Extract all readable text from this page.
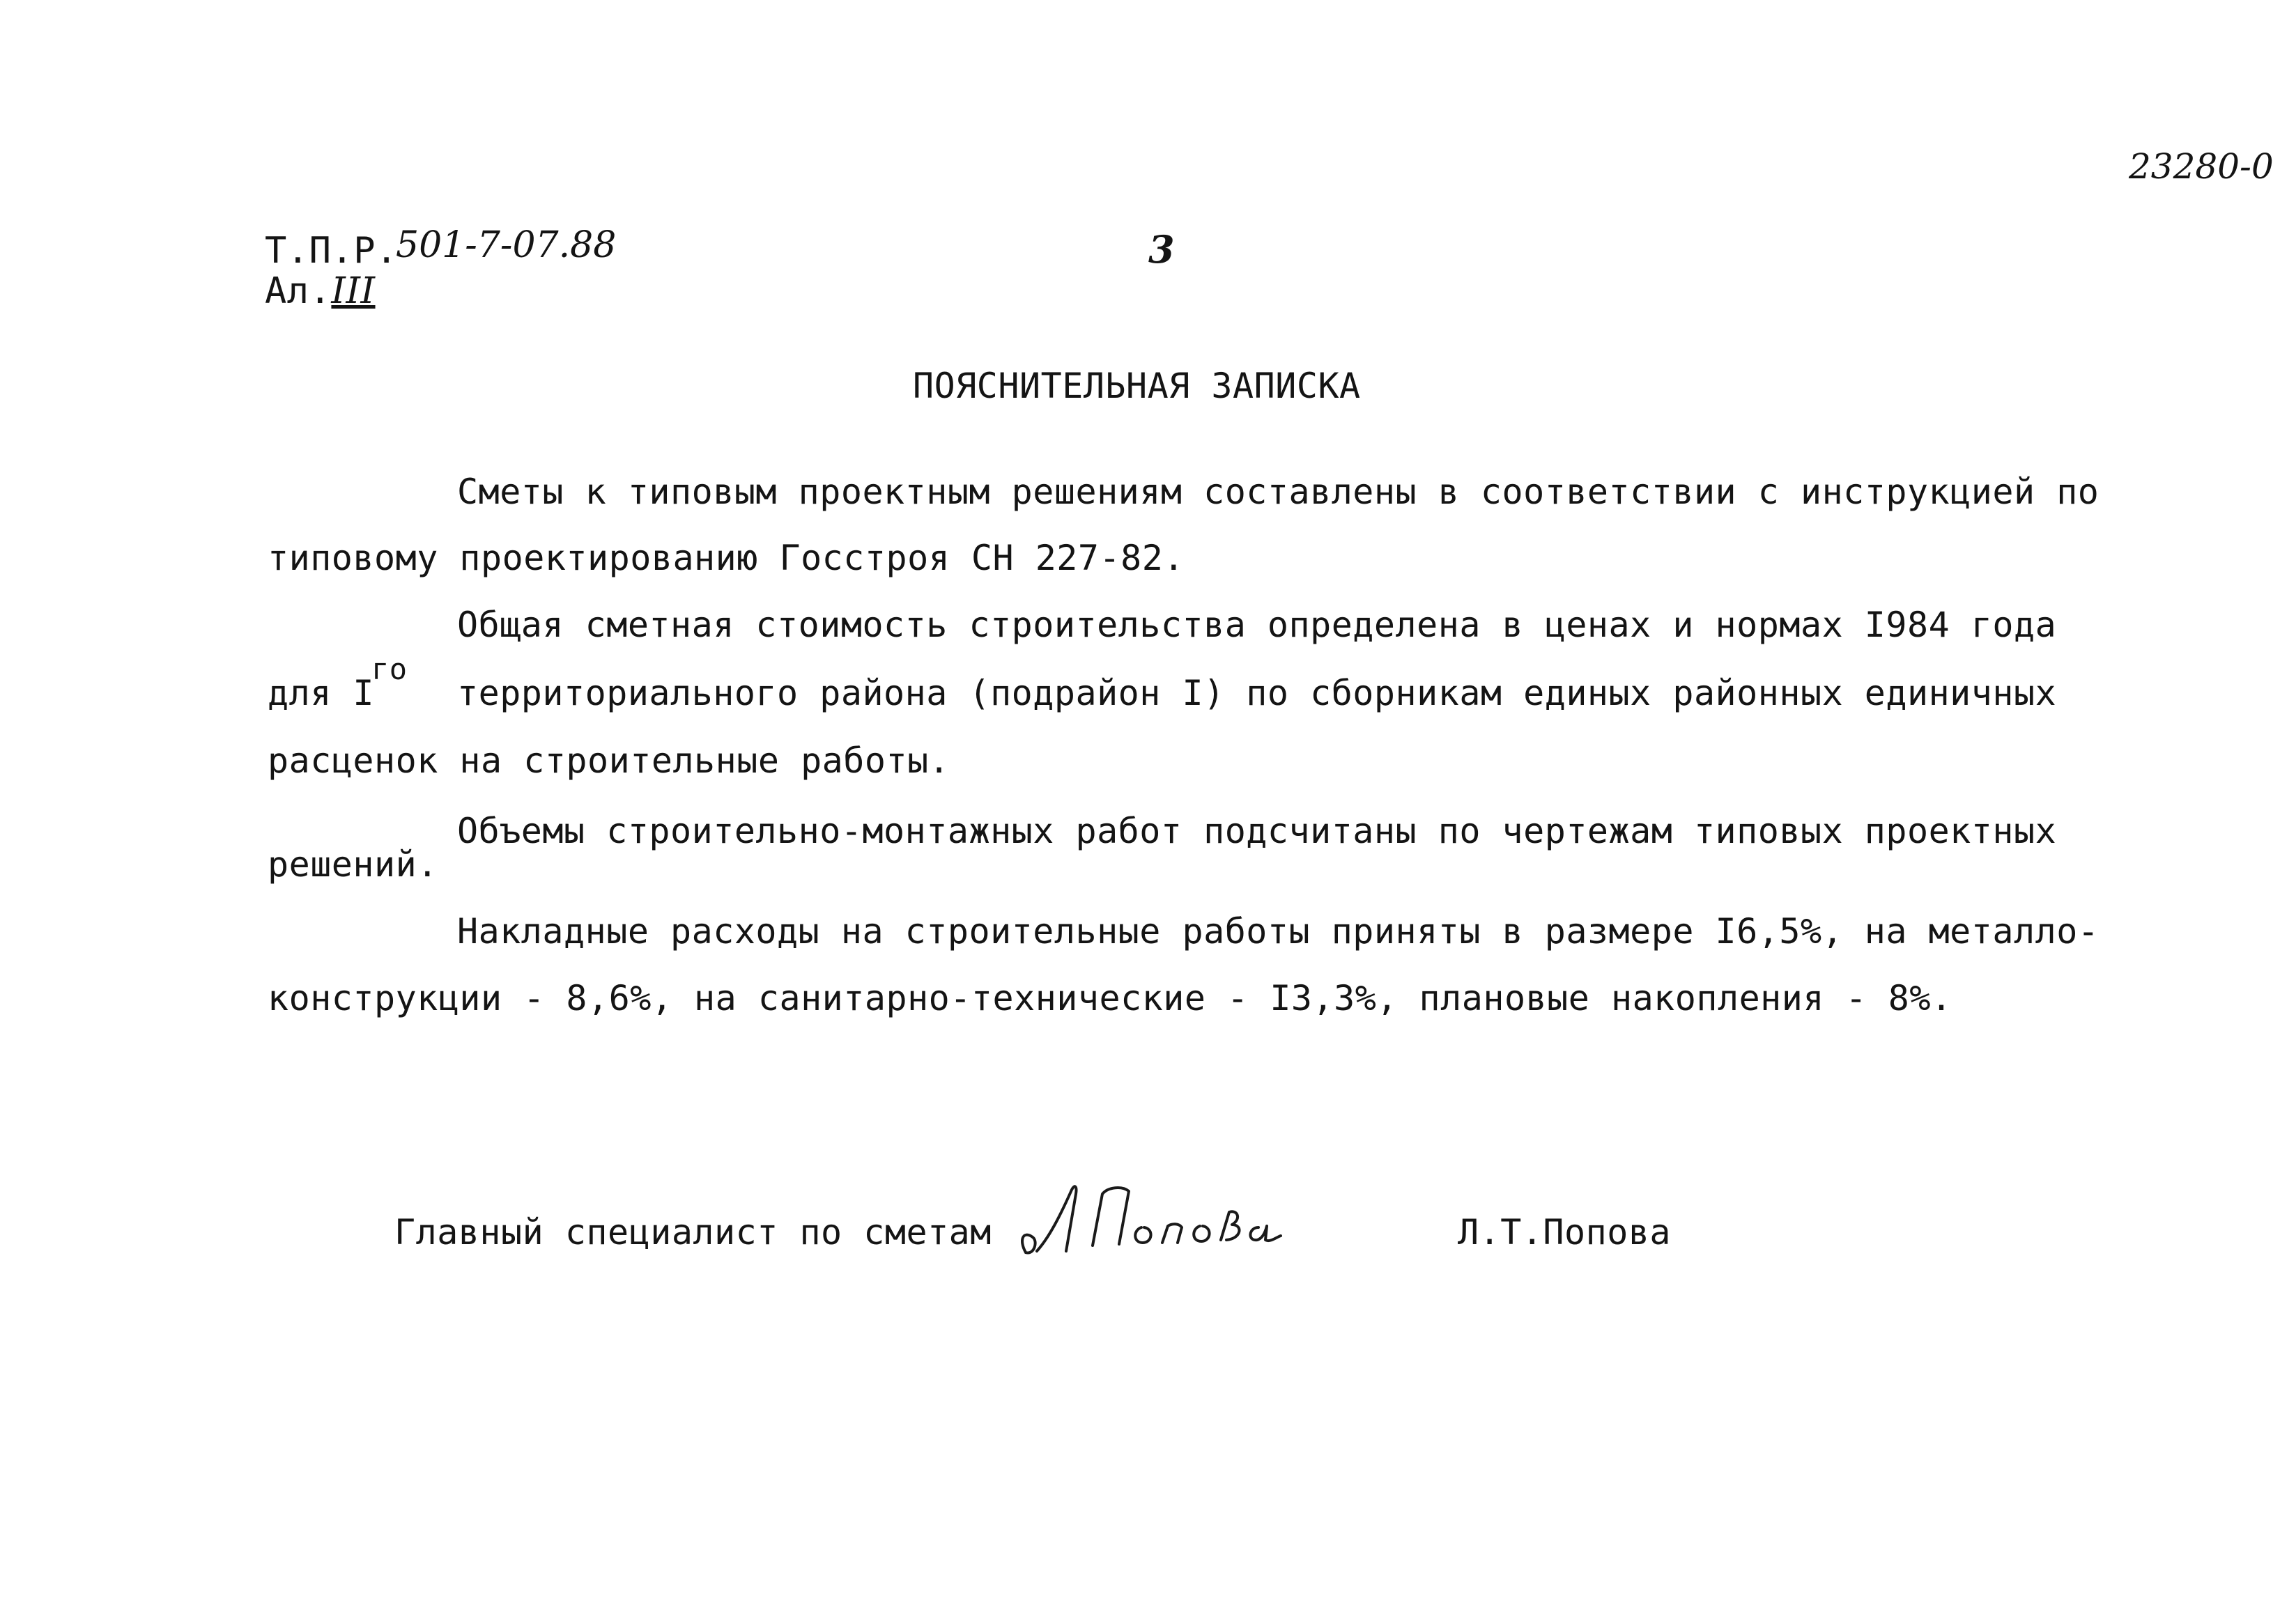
Т.П.Р.
501-7-07.88
Ал.III
3
23280-0
ПОЯСНИТЕЛЬНАЯ ЗАПИСКА
Сметы к типовым проектным решениям составлены в соответствии с инструкцией по
типовому проектированию Госстроя СН 227-82.
Общая сметная стоимость строительства определена в ценах и нормах I984 года
для I
го
территориального района (подрайон I) по сборникам единых районных единичных
расценок на строительные работы.
Объемы строительно-монтажных работ подсчитаны по чертежам типовых проектных
решений.
Накладные расходы на строительные работы приняты в размере I6,5%, на металло-
конструкции - 8,6%, на санитарно-технические - I3,3%, плановые накопления - 8%.
Главный специалист по сметам	Л.Т.Попова
